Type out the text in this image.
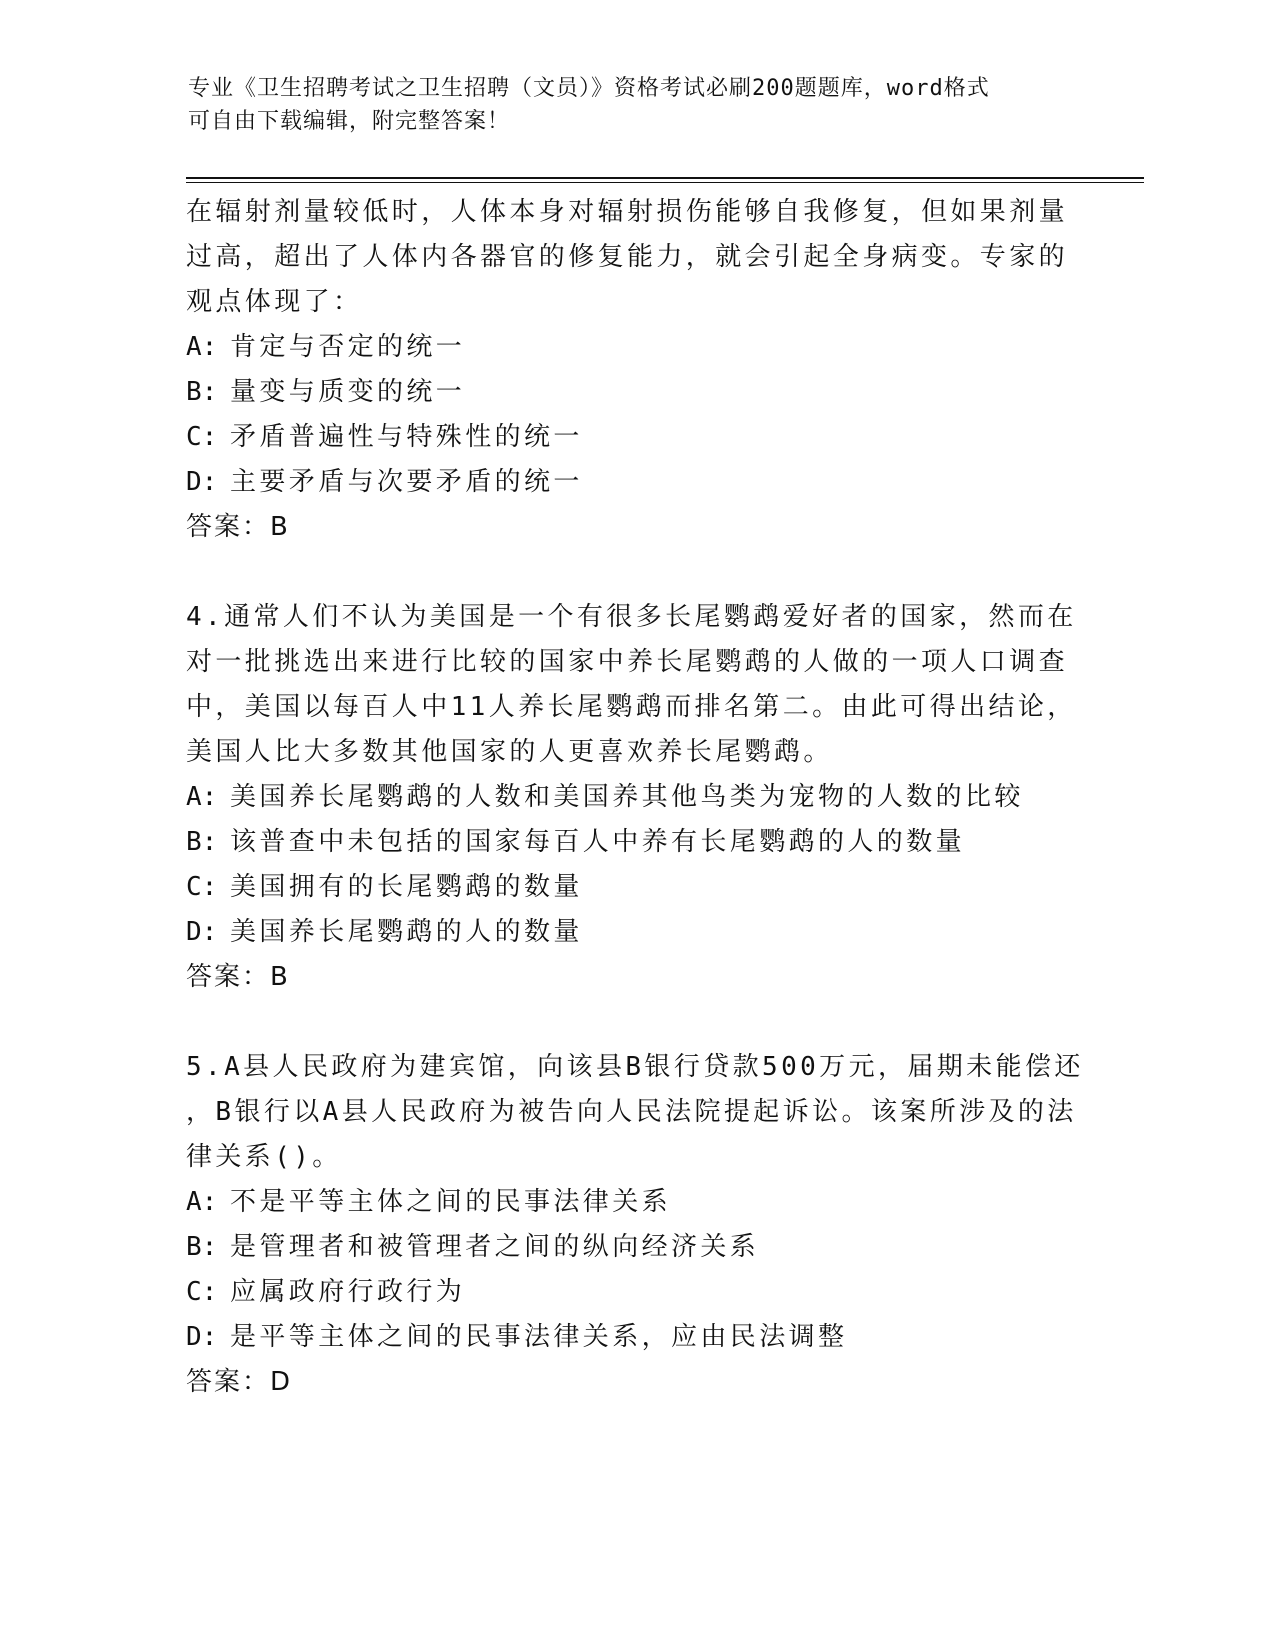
专业《卫生招聘考试之卫生招聘（文员）》资格考试必刷200题题库，word格式
可自由下载编辑，附完整答案！

在辐射剂量较低时，人体本身对辐射损伤能够自我修复，但如果剂量

过高，超出了人体内各器官的修复能力，就会引起全身病变。专家的

观点体现了：

A: 肯定与否定的统一

B: 量变与质变的统一

C: 矛盾普遍性与特殊性的统一

D: 主要矛盾与次要矛盾的统一

答案：B

4.通常人们不认为美国是一个有很多长尾鹦鹉爱好者的国家，然而在

对一批挑选出来进行比较的国家中养长尾鹦鹉的人做的一项人口调查

中，美国以每百人中11人养长尾鹦鹉而排名第二。由此可得出结论，

美国人比大多数其他国家的人更喜欢养长尾鹦鹉。

A: 美国养长尾鹦鹉的人数和美国养其他鸟类为宠物的人数的比较

B: 该普查中未包括的国家每百人中养有长尾鹦鹉的人的数量

C: 美国拥有的长尾鹦鹉的数量

D: 美国养长尾鹦鹉的人的数量

答案：B

5.A县人民政府为建宾馆，向该县B银行贷款500万元，届期未能偿还

，B银行以A县人民政府为被告向人民法院提起诉讼。该案所涉及的法

律关系()。

A: 不是平等主体之间的民事法律关系

B: 是管理者和被管理者之间的纵向经济关系

C: 应属政府行政行为

D: 是平等主体之间的民事法律关系，应由民法调整

答案：D
